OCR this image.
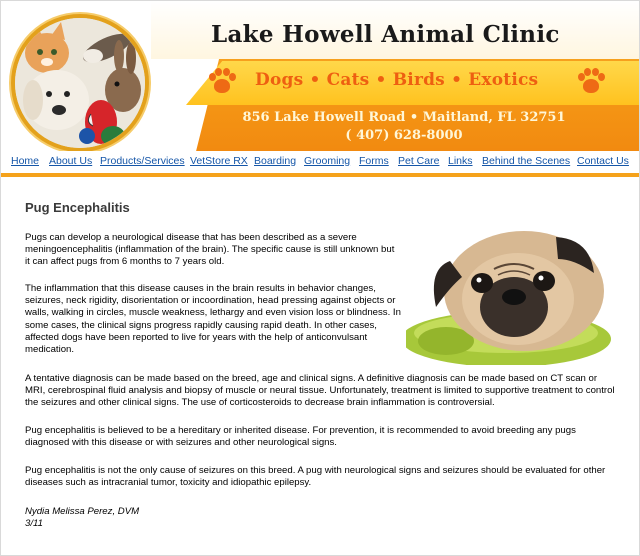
Lake Howell Animal Clinic
Dogs • Cats • Birds • Exotics
856 Lake Howell Road • Maitland, FL 32751
( 407) 628-8000
Home About Us Products/Services VetStore RX Boarding Grooming Forms Pet Care Links Behind the Scenes Contact Us
Pug Encephalitis
Pugs can develop a neurological disease that has been described as a severe meningoencephalitis (inflammation of the brain). The specific cause is still unknown but it can affect pugs from 6 months to 7 years old.
The inflammation that this disease causes in the brain results in behavior changes, seizures, neck rigidity, disorientation or incoordination, head pressing against objects or walls, walking in circles, muscle weakness, lethargy and even vision loss or blindness. In some cases, the clinical signs progress rapidly causing rapid death. In other cases, affected dogs have been reported to live for years with the help of anticonvulsant medication.
A tentative diagnosis can be made based on the breed, age and clinical signs. A definitive diagnosis can be made based on CT scan or MRI, cerebrospinal fluid analysis and biopsy of muscle or neural tissue. Unfortunately, treatment is limited to supportive treatment to control the seizures and other clinical signs. The use of corticosteroids to decrease brain inflammation is controversial.
Pug encephalitis is believed to be a hereditary or inherited disease. For prevention, it is recommended to avoid breeding any pugs diagnosed with this disease or with seizures and other neurological signs.
Pug encephalitis is not the only cause of seizures on this breed. A pug with neurological signs and seizures should be evaluated for other diseases such as intracranial tumor, toxicity and idiopathic epilepsy.
Nydia Melissa Perez, DVM
3/11
